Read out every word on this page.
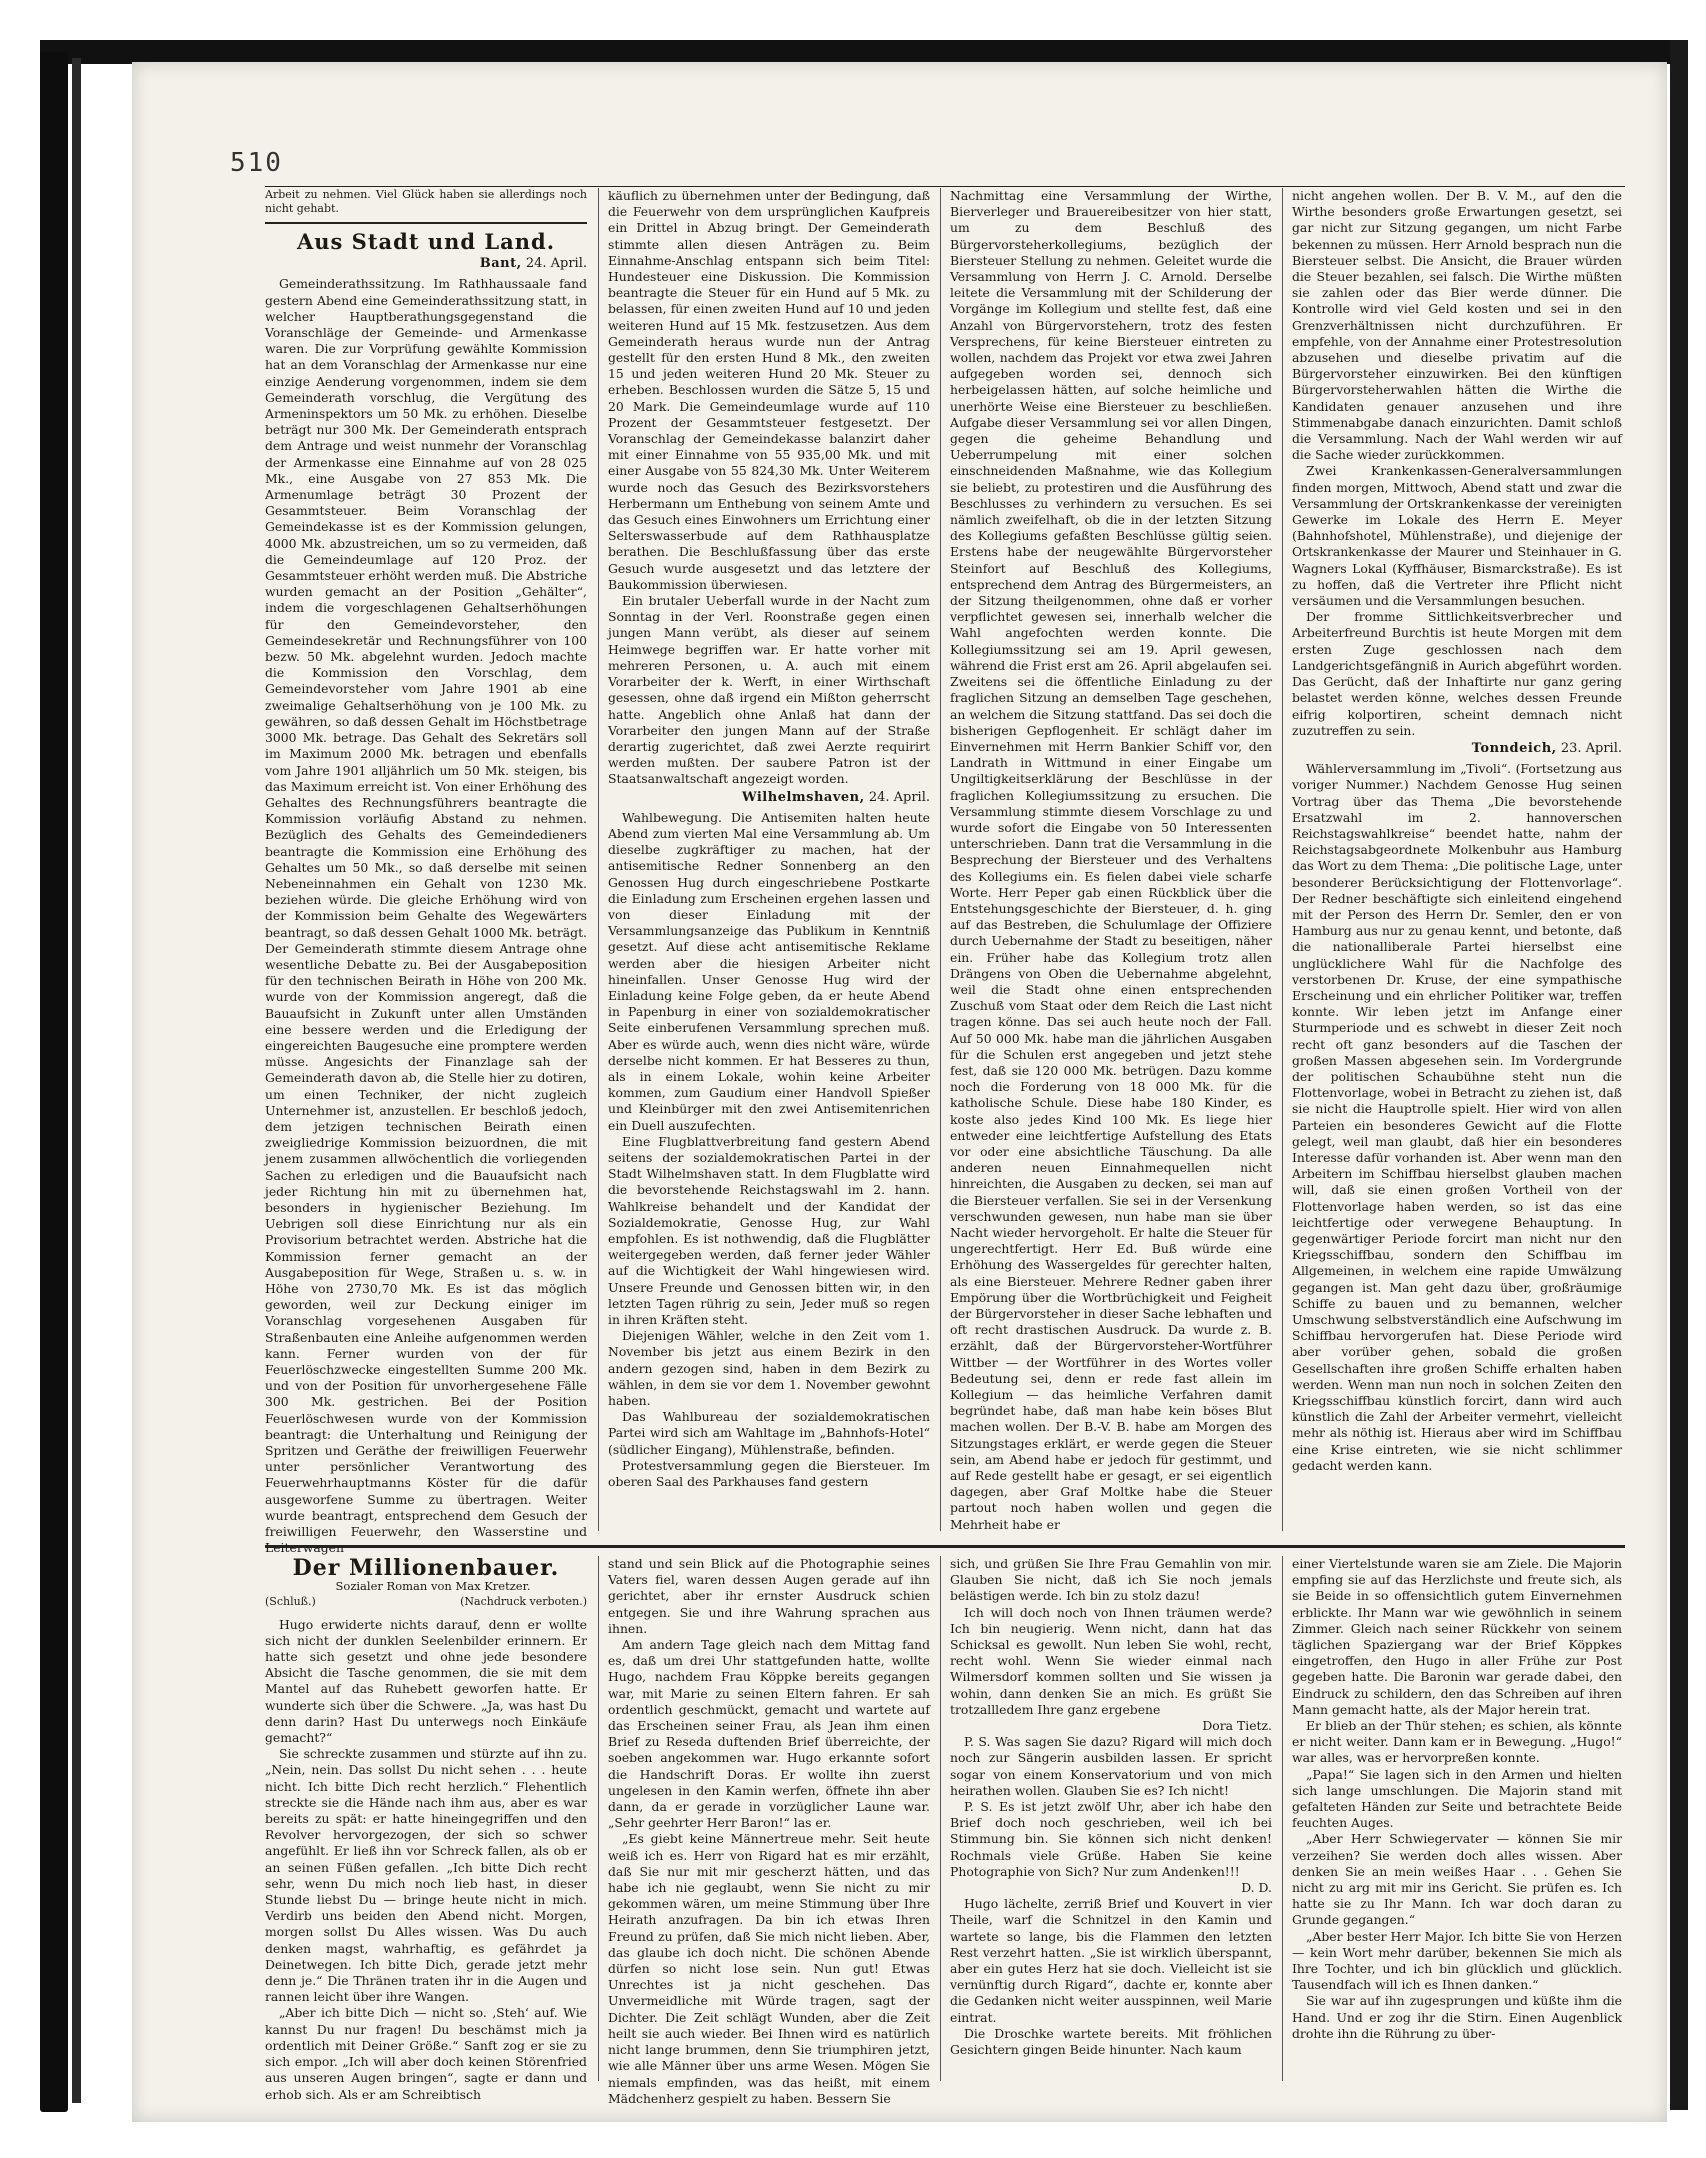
510

Arbeit zu nehmen. Viel Glück haben sie allerdings noch nicht gehabt.

Aus Stadt und Land.

Bant, 24. April.

Gemeinderathssitzung. Im Rathhaussaale fand gestern Abend eine Gemeinderathssitzung statt, in welcher Hauptberathungsgegenstand die Voranschläge der Gemeinde- und Armenkasse waren. Die zur Vorprüfung gewählte Kommission hat an dem Voranschlag der Armenkasse nur eine einzige Aenderung vorgenommen, indem sie dem Gemeinderath vorschlug, die Vergütung des Armeninspektors um 50 Mk. zu erhöhen. Dieselbe beträgt nur 300 Mk. Der Gemeinderath entsprach dem Antrage und weist nunmehr der Voranschlag der Armenkasse eine Einnahme auf von 28 025 Mk., eine Ausgabe von 27 853 Mk. Die Armenumlage beträgt 30 Prozent der Gesammtsteuer. Beim Voranschlag der Gemeindekasse ist es der Kommission gelungen, 4000 Mk. abzustreichen, um so zu vermeiden, daß die Gemeindeumlage auf 120 Proz. der Gesammtsteuer erhöht werden muß. Die Abstriche wurden gemacht an der Position „Gehälter“, indem die vorgeschlagenen Gehaltserhöhungen für den Gemeindevorsteher, den Gemeindesekretär und Rechnungsführer von 100 bezw. 50 Mk. abgelehnt wurden. Jedoch machte die Kommission den Vorschlag, dem Gemeindevorsteher vom Jahre 1901 ab eine zweimalige Gehaltserhöhung von je 100 Mk. zu gewähren, so daß dessen Gehalt im Höchstbetrage 3000 Mk. betrage. Das Gehalt des Sekretärs soll im Maximum 2000 Mk. betragen und ebenfalls vom Jahre 1901 alljährlich um 50 Mk. steigen, bis das Maximum erreicht ist. Von einer Erhöhung des Gehaltes des Rechnungsführers beantragte die Kommission vorläufig Abstand zu nehmen. Bezüglich des Gehalts des Gemeindedieners beantragte die Kommission eine Erhöhung des Gehaltes um 50 Mk., so daß derselbe mit seinen Nebeneinnahmen ein Gehalt von 1230 Mk. beziehen würde. Die gleiche Erhöhung wird von der Kommission beim Gehalte des Wegewärters beantragt, so daß dessen Gehalt 1000 Mk. beträgt. Der Gemeinderath stimmte diesem Antrage ohne wesentliche Debatte zu. Bei der Ausgabeposition für den technischen Beirath in Höhe von 200 Mk. wurde von der Kommission angeregt, daß die Bauaufsicht in Zukunft unter allen Umständen eine bessere werden und die Erledigung der eingereichten Baugesuche eine promptere werden müsse. Angesichts der Finanzlage sah der Gemeinderath davon ab, die Stelle hier zu dotiren, um einen Techniker, der nicht zugleich Unternehmer ist, anzustellen. Er beschloß jedoch, dem jetzigen technischen Beirath einen zweigliedrige Kommission beizuordnen, die mit jenem zusammen allwöchentlich die vorliegenden Sachen zu erledigen und die Bauaufsicht nach jeder Richtung hin mit zu übernehmen hat, besonders in hygienischer Beziehung. Im Uebrigen soll diese Einrichtung nur als ein Provisorium betrachtet werden. Abstriche hat die Kommission ferner gemacht an der Ausgabeposition für Wege, Straßen u. s. w. in Höhe von 2730,70 Mk. Es ist das möglich geworden, weil zur Deckung einiger im Voranschlag vorgesehenen Ausgaben für Straßenbauten eine Anleihe aufgenommen werden kann. Ferner wurden von der für Feuerlöschzwecke eingestellten Summe 200 Mk. und von der Position für unvorhergesehene Fälle 300 Mk. gestrichen. Bei der Position Feuerlöschwesen wurde von der Kommission beantragt: die Unterhaltung und Reinigung der Spritzen und Geräthe der freiwilligen Feuerwehr unter persönlicher Verantwortung des Feuerwehrhauptmanns Köster für die dafür ausgeworfene Summe zu übertragen. Weiter wurde beantragt, entsprechend dem Gesuch der freiwilligen Feuerwehr, den Wasserstine und

käuflich zu übernehmen unter der Bedingung, daß die Feuerwehr von dem ursprünglichen Kaufpreis ein Drittel in Abzug bringt. Der Gemeinderath stimmte allen diesen Anträgen zu. Beim Einnahme-Anschlag entspann sich beim Titel: Hundesteuer eine Diskussion. Die Kommission beantragte die Steuer für ein Hund auf 5 Mk. zu belassen, für einen zweiten Hund auf 10 und jeden weiteren Hund auf 15 Mk. festzusetzen. Aus dem Gemeinderath heraus wurde nun der Antrag gestellt für den ersten Hund 8 Mk., den zweiten 15 und jeden weiteren Hund 20 Mk. Steuer zu erheben. Beschlossen wurden die Sätze 5, 15 und 20 Mark. Die Gemeindeumlage wurde auf 110 Prozent der Gesammtsteuer festgesetzt. Der Voranschlag der Gemeindekasse balanzirt daher mit einer Einnahme von 55 935,00 Mk. und mit einer Ausgabe von 55 824,30 Mk. Unter Weiterem wurde noch das Gesuch des Bezirksvorstehers Herbermann um Enthebung von seinem Amte und das Gesuch eines Einwohners um Errichtung einer Selterswasserbude auf dem Rathhausplatze berathen. Die Beschlußfassung über das erste Gesuch wurde ausgesetzt und das letztere der Baukommission überwiesen.

Ein brutaler Ueberfall wurde in der Nacht zum Sonntag in der Verl. Roonstraße gegen einen jungen Mann verübt, als dieser auf seinem Heimwege begriffen war. Er hatte vorher mit mehreren Personen, u. A. auch mit einem Vorarbeiter der k. Werft, in einer Wirthschaft gesessen, ohne daß irgend ein Mißton geherrscht hatte. Angeblich ohne Anlaß hat dann der Vorarbeiter den jungen Mann auf der Straße derartig zugerichtet, daß zwei Aerzte requirirt werden mußten. Der saubere Patron ist der Staatsanwaltschaft angezeigt worden.

Wilhelmshaven, 24. April.

Wahlbewegung. Die Antisemiten halten heute Abend zum vierten Mal eine Versammlung ab. Um dieselbe zugkräftiger zu machen, hat der antisemitische Redner Sonnenberg an den Genossen Hug durch eingeschriebene Postkarte die Einladung zum Erscheinen ergehen lassen und von dieser Einladung mit der Versammlungsanzeige das Publikum in Kenntniß gesetzt. Auf diese acht antisemitische Reklame werden aber die hiesigen Arbeiter nicht hineinfallen. Unser Genosse Hug wird der Einladung keine Folge geben, da er heute Abend in Papenburg in einer von sozialdemokratischer Seite einberufenen Versammlung sprechen muß. Aber es würde auch, wenn dies nicht wäre, würde derselbe nicht kommen. Er hat Besseres zu thun, als in einem Lokale, wohin keine Arbeiter kommen, zum Gaudium einer Handvoll Spießer und Kleinbürger mit den zwei Antisemitenrichen ein Duell auszufechten.

Eine Flugblattverbreitung fand gestern Abend seitens der sozialdemokratischen Partei in der Stadt Wilhelmshaven statt. In dem Flugblatte wird die bevorstehende Reichstagswahl im 2. hann. Wahlkreise behandelt und der Kandidat der Sozialdemokratie, Genosse Hug, zur Wahl empfohlen. Es ist nothwendig, daß die Flugblätter weitergegeben werden, daß ferner jeder Wähler auf die Wichtigkeit der Wahl hingewiesen wird. Unsere Freunde und Genossen bitten wir, in den letzten Tagen rührig zu sein, Jeder muß so regen in ihren Kräften steht.

Diejenigen Wähler, welche in den Zeit vom 1. November bis jetzt aus einem Bezirk in den andern gezogen sind, haben in dem Bezirk zu wählen, in dem sie vor dem 1. November gewohnt haben.

Das Wahlbureau der sozialdemokratischen Partei wird sich am Wahltage im „Bahnhofs-Hotel“ (südlicher Eingang), Mühlenstraße, befinden.

Protestversammlung gegen die Biersteuer. Im oberen Saal des Parkhauses fand gestern

Nachmittag eine Versammlung der Wirthe, Bierverleger und Brauereibesitzer von hier statt, um zu dem Beschluß des Bürgervorsteherkollegiums, bezüglich der Biersteuer Stellung zu nehmen. Geleitet wurde die Versammlung von Herrn J. C. Arnold. Derselbe leitete die Versammlung mit der Schilderung der Vorgänge im Kollegium und stellte fest, daß eine Anzahl von Bürgervorstehern, trotz des festen Versprechens, für keine Biersteuer eintreten zu wollen, nachdem das Projekt vor etwa zwei Jahren aufgegeben worden sei, dennoch sich herbeigelassen hätten, auf solche heimliche und unerhörte Weise eine Biersteuer zu beschließen. Aufgabe dieser Versammlung sei vor allen Dingen, gegen die geheime Behandlung und Ueberrumpelung mit einer solchen einschneidenden Maßnahme, wie das Kollegium sie beliebt, zu protestiren und die Ausführung des Beschlusses zu verhindern zu versuchen. Es sei nämlich zweifelhaft, ob die in der letzten Sitzung des Kollegiums gefaßten Beschlüsse gültig seien. Erstens habe der neugewählte Bürgervorsteher Steinfort auf Beschluß des Kollegiums, entsprechend dem Antrag des Bürgermeisters, an der Sitzung theilgenommen, ohne daß er vorher verpflichtet gewesen sei, innerhalb welcher die Wahl angefochten werden konnte. Die Kollegiumssitzung sei am 19. April gewesen, während die Frist erst am 26. April abgelaufen sei. Zweitens sei die öffentliche Einladung zu der fraglichen Sitzung an demselben Tage geschehen, an welchem die Sitzung stattfand. Das sei doch die bisherigen Gepflogenheit. Er schlägt daher im Einvernehmen mit Herrn Bankier Schiff vor, den Landrath in Wittmund in einer Eingabe um Ungiltigkeitserklärung der Beschlüsse in der fraglichen Kollegiumssitzung zu ersuchen. Die Versammlung stimmte diesem Vorschlage zu und wurde sofort die Eingabe von 50 Interessenten unterschrieben. Dann trat die Versammlung in die Besprechung der Biersteuer und des Verhaltens des Kollegiums ein. Es fielen dabei viele scharfe Worte. Herr Peper gab einen Rückblick über die Entstehungsgeschichte der Biersteuer, d. h. ging auf das Bestreben, die Schulumlage der Offiziere durch Uebernahme der Stadt zu beseitigen, näher ein. Früher habe das Kollegium trotz allen Drängens von Oben die Uebernahme abgelehnt, weil die Stadt ohne einen entsprechenden Zuschuß vom Staat oder dem Reich die Last nicht tragen könne. Das sei auch heute noch der Fall. Auf 50 000 Mk. habe man die jährlichen Ausgaben für die Schulen erst angegeben und jetzt stehe fest, daß sie 120 000 Mk. betrügen. Dazu komme noch die Forderung von 18 000 Mk. für die katholische Schule. Diese habe 180 Kinder, es koste also jedes Kind 100 Mk. Es liege hier entweder eine leichtfertige Aufstellung des Etats vor oder eine absichtliche Täuschung. Da alle anderen neuen Einnahmequellen nicht hinreichten, die Ausgaben zu decken, sei man auf die Biersteuer verfallen. Sie sei in der Versenkung verschwunden gewesen, nun habe man sie über Nacht wieder hervorgeholt. Er halte die Steuer für ungerechtfertigt. Herr Ed. Buß würde eine Erhöhung des Wassergeldes für gerechter halten, als eine Biersteuer. Mehrere Redner gaben ihrer Empörung über die Wortbrüchigkeit und Feigheit der Bürgervorsteher in dieser Sache lebhaften und oft recht drastischen Ausdruck. Da wurde z. B. erzählt, daß der Bürgervorsteher-Wortführer Wittber — der Wortführer in des Wortes voller Bedeutung sei, denn er rede fast allein im Kollegium — das heimliche Verfahren damit begründet habe, daß man habe kein böses Blut machen wollen. Der B.-V. B. habe am Morgen des Sitzungstages erklärt, er werde gegen die Steuer sein, am Abend habe er jedoch für gestimmt, und auf Rede gestellt habe er gesagt, er sei eigentlich dagegen, aber Graf Moltke habe die Steuer partout noch haben wollen und gegen die Mehrheit habe er

nicht angehen wollen. Der B. V. M., auf den die Wirthe besonders große Erwartungen gesetzt, sei gar nicht zur Sitzung gegangen, um nicht Farbe bekennen zu müssen. Herr Arnold besprach nun die Biersteuer selbst. Die Ansicht, die Brauer würden die Steuer bezahlen, sei falsch. Die Wirthe müßten sie zahlen oder das Bier werde dünner. Die Kontrolle wird viel Geld kosten und sei in den Grenzverhältnissen nicht durchzuführen. Er empfehle, von der Annahme einer Protestresolution abzusehen und dieselbe privatim auf die Bürgervorsteher einzuwirken. Bei den künftigen Bürgervorsteherwahlen hätten die Wirthe die Kandidaten genauer anzusehen und ihre Stimmenabgabe danach einzurichten. Damit schloß die Versammlung. Nach der Wahl werden wir auf die Sache wieder zurückkommen.

Zwei Krankenkassen-Generalversammlungen finden morgen, Mittwoch, Abend statt und zwar die Versammlung der Ortskrankenkasse der vereinigten Gewerke im Lokale des Herrn E. Meyer (Bahnhofshotel, Mühlenstraße), und diejenige der Ortskrankenkasse der Maurer und Steinhauer in G. Wagners Lokal (Kyffhäuser, Bismarckstraße). Es ist zu hoffen, daß die Vertreter ihre Pflicht nicht versäumen und die Versammlungen besuchen.

Der fromme Sittlichkeitsverbrecher und Arbeiterfreund Burchtis ist heute Morgen mit dem ersten Zuge geschlossen nach dem Landgerichtsgefängniß in Aurich abgeführt worden. Das Gerücht, daß der Inhaftirte nur ganz gering belastet werden könne, welches dessen Freunde eifrig kolportiren, scheint demnach nicht zuzutreffen zu sein.

Tonndeich, 23. April.

Wählerversammlung im „Tivoli“. (Fortsetzung aus voriger Nummer.) Nachdem Genosse Hug seinen Vortrag über das Thema „Die bevorstehende Ersatzwahl im 2. hannoverschen Reichstagswahlkreise“ beendet hatte, nahm der Reichstagsabgeordnete Molkenbuhr aus Hamburg das Wort zu dem Thema: „Die politische Lage, unter besonderer Berücksichtigung der Flottenvorlage“. Der Redner beschäftigte sich einleitend eingehend mit der Person des Herrn Dr. Semler, den er von Hamburg aus nur zu genau kennt, und betonte, daß die nationalliberale Partei hierselbst eine unglücklichere Wahl für die Nachfolge des verstorbenen Dr. Kruse, der eine sympathische Erscheinung und ein ehrlicher Politiker war, treffen konnte. Wir leben jetzt im Anfange einer Sturmperiode und es schwebt in dieser Zeit noch recht oft ganz besonders auf die Taschen der großen Massen abgesehen sein. Im Vordergrunde der politischen Schaubühne steht nun die Flottenvorlage, wobei in Betracht zu ziehen ist, daß sie nicht die Hauptrolle spielt. Hier wird von allen Parteien ein besonderes Gewicht auf die Flotte gelegt, weil man glaubt, daß hier ein besonderes Interesse dafür vorhanden ist. Aber wenn man den Arbeitern im Schiffbau hierselbst glauben machen will, daß sie einen großen Vortheil von der Flottenvorlage haben werden, so ist das eine leichtfertige oder verwegene Behauptung. In gegenwärtiger Periode forcirt man nicht nur den Kriegsschiffbau, sondern den Schiffbau im Allgemeinen, in welchem eine rapide Umwälzung gegangen ist. Man geht dazu über, großräumige Schiffe zu bauen und zu bemannen, welcher Umschwung selbstverständlich eine Aufschwung im Schiffbau hervorgerufen hat. Diese Periode wird aber vorüber gehen, sobald die großen Gesellschaften ihre großen Schiffe erhalten haben werden. Wenn man nun noch in solchen Zeiten den Kriegsschiffbau künstlich forcirt, dann wird auch künstlich die Zahl der Arbeiter vermehrt, vielleicht mehr als nöthig ist. Hieraus aber wird im Schiffbau eine Krise eintreten, wie sie nicht schlimmer gedacht werden kann.

Der Millionenbauer.

Sozialer Roman von Max Kretzer.

(Schluß.)	(Nachdruck verboten.)

Hugo erwiderte nichts darauf, denn er wollte sich nicht der dunklen Seelenbilder erinnern. Er hatte sich gesetzt und ohne jede besondere Absicht die Tasche genommen, die sie mit dem Mantel auf das Ruhebett geworfen hatte. Er wunderte sich über die Schwere. „Ja, was hast Du denn darin? Hast Du unterwegs noch Einkäufe gemacht?“

Sie schreckte zusammen und stürzte auf ihn zu. „Nein, nein. Das sollst Du nicht sehen . . . heute nicht. Ich bitte Dich recht herzlich.“ Flehentlich streckte sie die Hände nach ihm aus, aber es war bereits zu spät: er hatte hineingegriffen und den Revolver hervorgezogen, der sich so schwer angefühlt. Er ließ ihn vor Schreck fallen, als ob er an seinen Füßen gefallen. „Ich bitte Dich recht sehr, wenn Du mich noch lieb hast, in dieser Stunde liebst Du — bringe heute nicht in mich. Verdirb uns beiden den Abend nicht. Morgen, morgen sollst Du Alles wissen. Was Du auch denken magst, wahrhaftig, es gefährdet ja Deinetwegen. Ich bitte Dich, gerade jetzt mehr denn je.“ Die Thränen traten ihr in die Augen und rannen leicht über ihre Wangen.

„Aber ich bitte Dich — nicht so. ‚Steh‘ auf. Wie kannst Du nur fragen! Du beschämst mich ja ordentlich mit Deiner Größe.“ Sanft zog er sie zu sich empor. „Ich will aber doch keinen Störenfried aus unseren Augen bringen“, sagte er dann und erhob sich. Als er am Schreibtisch

stand und sein Blick auf die Photographie seines Vaters fiel, waren dessen Augen gerade auf ihn gerichtet, aber ihr ernster Ausdruck schien entgegen. Sie und ihre Wahrung sprachen aus ihnen.

Am andern Tage gleich nach dem Mittag fand es, daß um drei Uhr stattgefunden hatte, wollte Hugo, nachdem Frau Köppke bereits gegangen war, mit Marie zu seinen Eltern fahren. Er sah ordentlich geschmückt, gemacht und wartete auf das Erscheinen seiner Frau, als Jean ihm einen Brief zu Reseda duftenden Brief überreichte, der soeben angekommen war. Hugo erkannte sofort die Handschrift Doras. Er wollte ihn zuerst ungelesen in den Kamin werfen, öffnete ihn aber dann, da er gerade in vorzüglicher Laune war. „Sehr geehrter Herr Baron!“ las er.

„Es giebt keine Männertreue mehr. Seit heute weiß ich es. Herr von Rigard hat es mir erzählt, daß Sie nur mit mir gescherzt hätten, und das habe ich nie geglaubt, wenn Sie nicht zu mir gekommen wären, um meine Stimmung über Ihre Heirath anzufragen. Da bin ich etwas Ihren Freund zu prüfen, daß Sie mich nicht lieben. Aber, das glaube ich doch nicht. Die schönen Abende dürfen so nicht lose sein. Nun gut! Etwas Unrechtes ist ja nicht geschehen. Das Unvermeidliche mit Würde tragen, sagt der Dichter. Die Zeit schlägt Wunden, aber die Zeit heilt sie auch wieder. Bei Ihnen wird es natürlich nicht lange brummen, denn Sie triumphiren jetzt, wie alle Männer über uns arme Wesen. Mögen Sie niemals empfinden, was das heißt, mit einem Mädchenherz gespielt zu haben. Bessern Sie

sich, und grüßen Sie Ihre Frau Gemahlin von mir. Glauben Sie nicht, daß ich Sie noch jemals belästigen werde. Ich bin zu stolz dazu!

Ich will doch noch von Ihnen träumen werde? Ich bin neugierig. Wenn nicht, dann hat das Schicksal es gewollt. Nun leben Sie wohl, recht, recht wohl. Wenn Sie wieder einmal nach Wilmersdorf kommen sollten und Sie wissen ja wohin, dann denken Sie an mich. Es grüßt Sie trotzallledem Ihre ganz ergebene

Dora Tietz.

P. S. Was sagen Sie dazu? Rigard will mich doch noch zur Sängerin ausbilden lassen. Er spricht sogar von einem Konservatorium und von mich heirathen wollen. Glauben Sie es? Ich nicht!

P. S. Es ist jetzt zwölf Uhr, aber ich habe den Brief doch noch geschrieben, weil ich bei Stimmung bin. Sie können sich nicht denken! Rochmals viele Grüße. Haben Sie keine Photographie von Sich? Nur zum Andenken!!!

D. D.

Hugo lächelte, zerriß Brief und Kouvert in vier Theile, warf die Schnitzel in den Kamin und wartete so lange, bis die Flammen den letzten Rest verzehrt hatten. „Sie ist wirklich überspannt, aber ein gutes Herz hat sie doch. Vielleicht ist sie vernünftig durch Rigard“, dachte er, konnte aber die Gedanken nicht weiter ausspinnen, weil Marie eintrat.

Die Droschke wartete bereits. Mit fröhlichen Gesichtern gingen Beide hinunter. Nach kaum

einer Viertelstunde waren sie am Ziele. Die Majorin empfing sie auf das Herzlichste und freute sich, als sie Beide in so offensichtlich gutem Einvernehmen erblickte. Ihr Mann war wie gewöhnlich in seinem Zimmer. Gleich nach seiner Rückkehr von seinem täglichen Spaziergang war der Brief Köppkes eingetroffen, den Hugo in aller Frühe zur Post gegeben hatte. Die Baronin war gerade dabei, den Eindruck zu schildern, den das Schreiben auf ihren Mann gemacht hatte, als der Major herein trat.

Er blieb an der Thür stehen; es schien, als könnte er nicht weiter. Dann kam er in Bewegung. „Hugo!“ war alles, was er hervorpreßen konnte.

„Papa!“ Sie lagen sich in den Armen und hielten sich lange umschlungen. Die Majorin stand mit gefalteten Händen zur Seite und betrachtete Beide feuchten Auges.

„Aber Herr Schwiegervater — können Sie mir verzeihen? Sie werden doch alles wissen. Aber denken Sie an mein weißes Haar . . . Gehen Sie nicht zu arg mit mir ins Gericht. Sie prüfen es. Ich hatte sie zu Ihr Mann. Ich war doch daran zu Grunde gegangen.“

„Aber bester Herr Major. Ich bitte Sie von Herzen — kein Wort mehr darüber, bekennen Sie mich als Ihre Tochter, und ich bin glücklich und glücklich. Tausendfach will ich es Ihnen danken.“

Sie war auf ihn zugesprungen und küßte ihm die Hand. Und er zog ihr die Stirn. Einen Augenblick drohte ihn die Rührung zu über-
